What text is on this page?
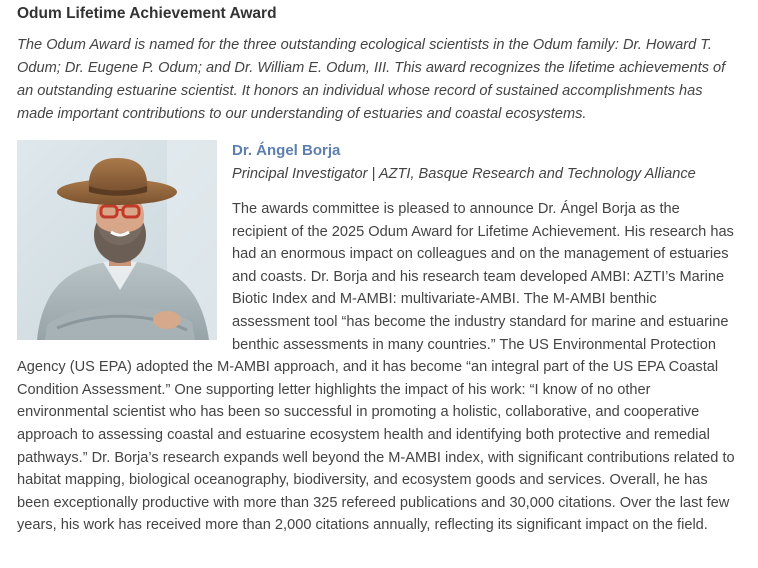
Odum Lifetime Achievement Award

The Odum Award is named for the three outstanding ecological scientists in the Odum family: Dr. Howard T. Odum; Dr. Eugene P. Odum; and Dr. William E. Odum, III. This award recognizes the lifetime achievements of an outstanding estuarine scientist. It honors an individual whose record of sustained accomplishments has made important contributions to our understanding of estuaries and coastal ecosystems.

Dr. Ángel Borja

Principal Investigator | AZTI, Basque Research and Technology Alliance

The awards committee is pleased to announce Dr. Ángel Borja as the recipient of the 2025 Odum Award for Lifetime Achievement. His research has had an enormous impact on colleagues and on the management of estuaries and coasts. Dr. Borja and his research team developed AMBI: AZTI’s Marine Biotic Index and M-AMBI: multivariate-AMBI. The M-AMBI benthic assessment tool “has become the industry standard for marine and estuarine benthic assessments in many countries.” The US Environmental Protection Agency (US EPA) adopted the M-AMBI approach, and it has become “an integral part of the US EPA Coastal Condition Assessment.” One supporting letter highlights the impact of his work: “I know of no other environmental scientist who has been so successful in promoting a holistic, collaborative, and cooperative approach to assessing coastal and estuarine ecosystem health and identifying both protective and remedial pathways.” Dr. Borja’s research expands well beyond the M-AMBI index, with significant contributions related to habitat mapping, biological oceanography, biodiversity, and ecosystem goods and services. Overall, he has been exceptionally productive with more than 325 refereed publications and 30,000 citations. Over the last few years, his work has received more than 2,000 citations annually, reflecting its significant impact on the field.
